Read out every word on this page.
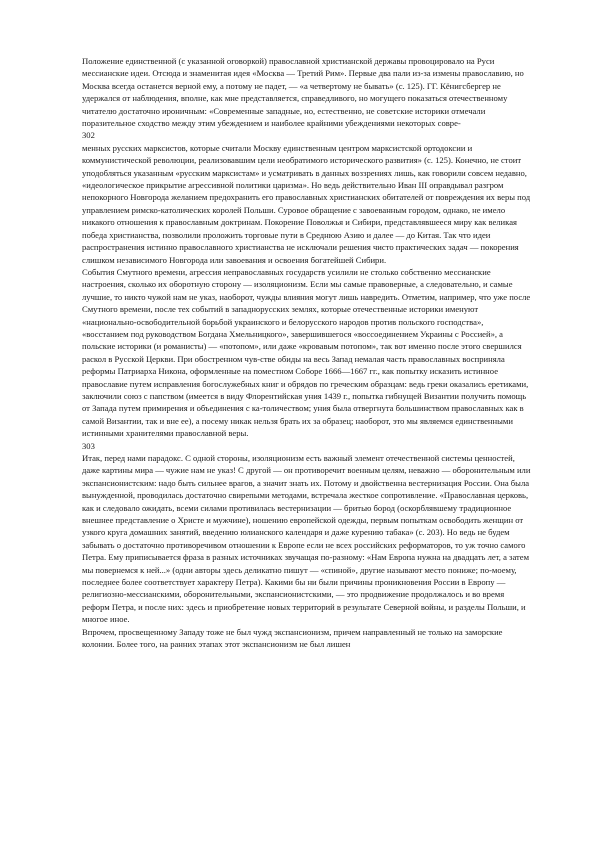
Положение единственной (с указанной оговоркой) православной христианской державы провоцировало на Руси мессианские идеи. Отсюда и знаменитая идея «Москва — Третий Рим». Первые два пали из-за измены православию, но Москва всегда останется верной ему, а потому не падет, — «а четвертому не бывать» (с. 125). ГГ. Кёнигсбергер не удержался от наблюдения, вполне, как мне представляется, справедливого, но могущего показаться отечественному читателю достаточно ироничным: «Современные западные, но, естественно, не советские историки отмечали поразительное сходство между этим убеждением и наиболее крайними убеждениями некоторых совре-

302

менных русских марксистов, которые считали Москву единственным центром марксистской ортодоксии и коммунистической революции, реализовавшим цели необратимого исторического развития» (с. 125). Конечно, не стоит уподобляться указанным «русским марксистам» и усматривать в данных воззрениях лишь, как говорили совсем недавно, «идеологическое прикрытие агрессивной политики царизма». Но ведь действительно Иван III оправдывал разгром непокорного Новгорода желанием предохранить его православных христианских обитателей от повреждения их веры под управлением римско-католических королей Польши. Суровое обращение с завоеванным городом, однако, не имело никакого отношения к православным доктринам. Покорение Поволжья и Сибири, представлявшееся миру как великая победа христианства, позволили проложить торговые пути в Среднюю Азию и далее — до Китая. Так что идеи распространения истинно православного христианства не исключали решения чисто практических задач — покорения слишком независимого Новгорода или завоевания и освоения богатейшей Сибири.

События Смутного времени, агрессия неправославных государств усилили не столько собственно мессианские настроения, сколько их оборотную сторону — изоляционизм. Если мы самые правоверные, а следовательно, и самые лучшие, то никто чужой нам не указ, наоборот, чужды влияния могут лишь навредить. Отметим, например, что уже после Смутного времени, после тех событий в западнорусских землях, которые отечественные историки именуют «национально-освободительной борьбой украинского и белорусского народов против польского господства», «восстанием под руководством Богдана Хмельницкого», завершившегося «воссоединением Украины с Россией», а польские историки (и романисты) — «потопом», или даже «кровавым потопом», так вот именно после этого свершился раскол в Русской Церкви. При обостренном чув-стве обиды на весь Запад немалая часть православных восприняла реформы Патриарха Никона, оформленные на поместном Соборе 1666—1667 гг., как попытку исказить истинное православие путем исправления богослужебных книг и обрядов по греческим образцам: ведь греки оказались еретиками, заключили союз с папством (имеется в виду Флорентийская уния 1439 г., попытка гибнущей Византии получить помощь от Запада путем примирения и объединения с ка-толичеством; уния была отвергнута большинством православных как в самой Византии, так и вне ее), а посему никак нельзя брать их за образец; наоборот, это мы являемся единственными истинными хранителями православной веры.

303

Итак, перед нами парадокс. С одной стороны, изоляционизм есть важный элемент отечественной системы ценностей, даже картины мира — чужие нам не указ! С другой — он противоречит военным целям, неважно — оборонительным или экспансионистским: надо быть сильнее врагов, а значит знать их. Потому и двойственна вестернизация России. Она была вынужденной, проводилась достаточно свирепыми методами, встречала жесткое сопротивление. «Православная церковь, как и следовало ожидать, всеми силами противилась вестернизации — бритью бород (оскорблявшему традиционное внешнее представление о Христе и мужчине), ношению европейской одежды, первым попыткам освободить женщин от узкого круга домашних занятий, введению юлианского календаря и даже курению табака» (с. 203). Но ведь не будем забывать о достаточно противоречивом отношении к Европе если не всех российских реформаторов, то уж точно самого Петра. Ему приписывается фраза в разных источниках звучащая по-разному: «Нам Европа нужна на двадцать лет, а затем мы повернемся к ней...» (одни авторы здесь деликатно пишут — «спиной», другие называют место пониже; по-моему, последнее более соответствует характеру Петра). Какими бы ни были причины проникновения России в Европу — религиозно-мессианскими, оборонительными, экспансионистскими, — это продвижение продолжалось и во время реформ Петра, и после них: здесь и приобретение новых территорий в результате Северной войны, и разделы Польши, и многое иное.

Впрочем, просвещенному Западу тоже не был чужд экспансионизм, причем направленный не только на заморские колонии. Более того, на ранних этапах этот экспансионизм не был лишен
